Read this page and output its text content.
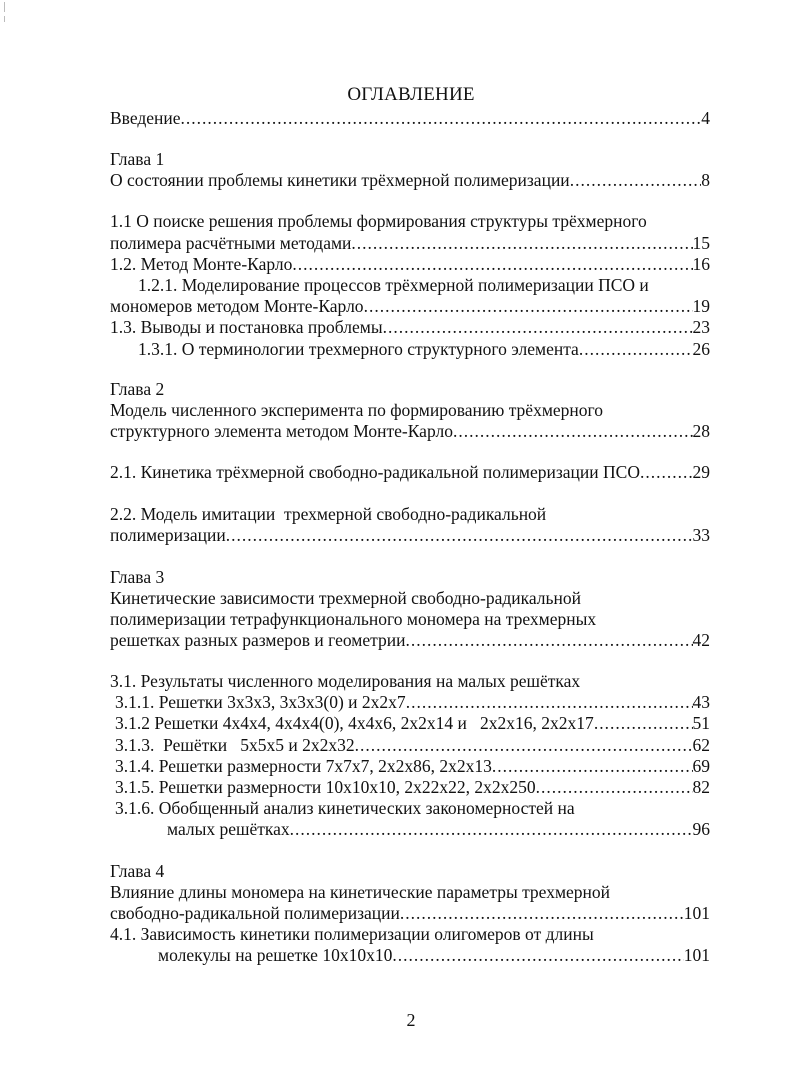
ОГЛАВЛЕНИЕ
Введение .....	4
Глава 1
О состоянии проблемы кинетики трёхмерной полимеризации .....	8
1.1 О поиске решения проблемы формирования структуры трёхмерного
полимера расчётными методами .....	15
1.2. Метод Монте-Карло .....	16
1.2.1. Моделирование процессов трёхмерной полимеризации ПСО и
мономеров методом Монте-Карло .....	19
1.3. Выводы и постановка проблемы .....	23
1.3.1. О терминологии трехмерного структурного элемента .....	26
Глава 2
Модель численного эксперимента по формированию трёхмерного
структурного элемента методом Монте-Карло .....	28
2.1. Кинетика трёхмерной свободно-радикальной полимеризации ПСО .....	29
2.2. Модель имитации  трехмерной свободно-радикальной
полимеризации .....	33
Глава 3
Кинетические зависимости трехмерной свободно-радикальной
полимеризации тетрафункционального мономера на трехмерных
решетках разных размеров и геометрии .....	42
3.1. Результаты численного моделирования на малых решётках
3.1.1. Решетки 3x3x3, 3x3x3(0) и 2x2x7 .....	43
3.1.2 Решетки 4x4x4, 4x4x4(0), 4x4x6, 2x2x14 и   2x2x16, 2x2x17 .....	51
3.1.3.  Решётки   5x5x5 и 2x2x32 .....	62
3.1.4. Решетки размерности 7x7x7, 2x2x86, 2x2x13 .....	69
3.1.5. Решетки размерности 10x10x10, 2x22x22, 2x2x250 .....	82
3.1.6. Обобщенный анализ кинетических закономерностей на
малых решётках .....	96
Глава 4
Влияние длины мономера на кинетические параметры трехмерной
свободно-радикальной полимеризации .....	101
4.1. Зависимость кинетики полимеризации олигомеров от длины
молекулы на решетке 10x10x10 .....	101
2
